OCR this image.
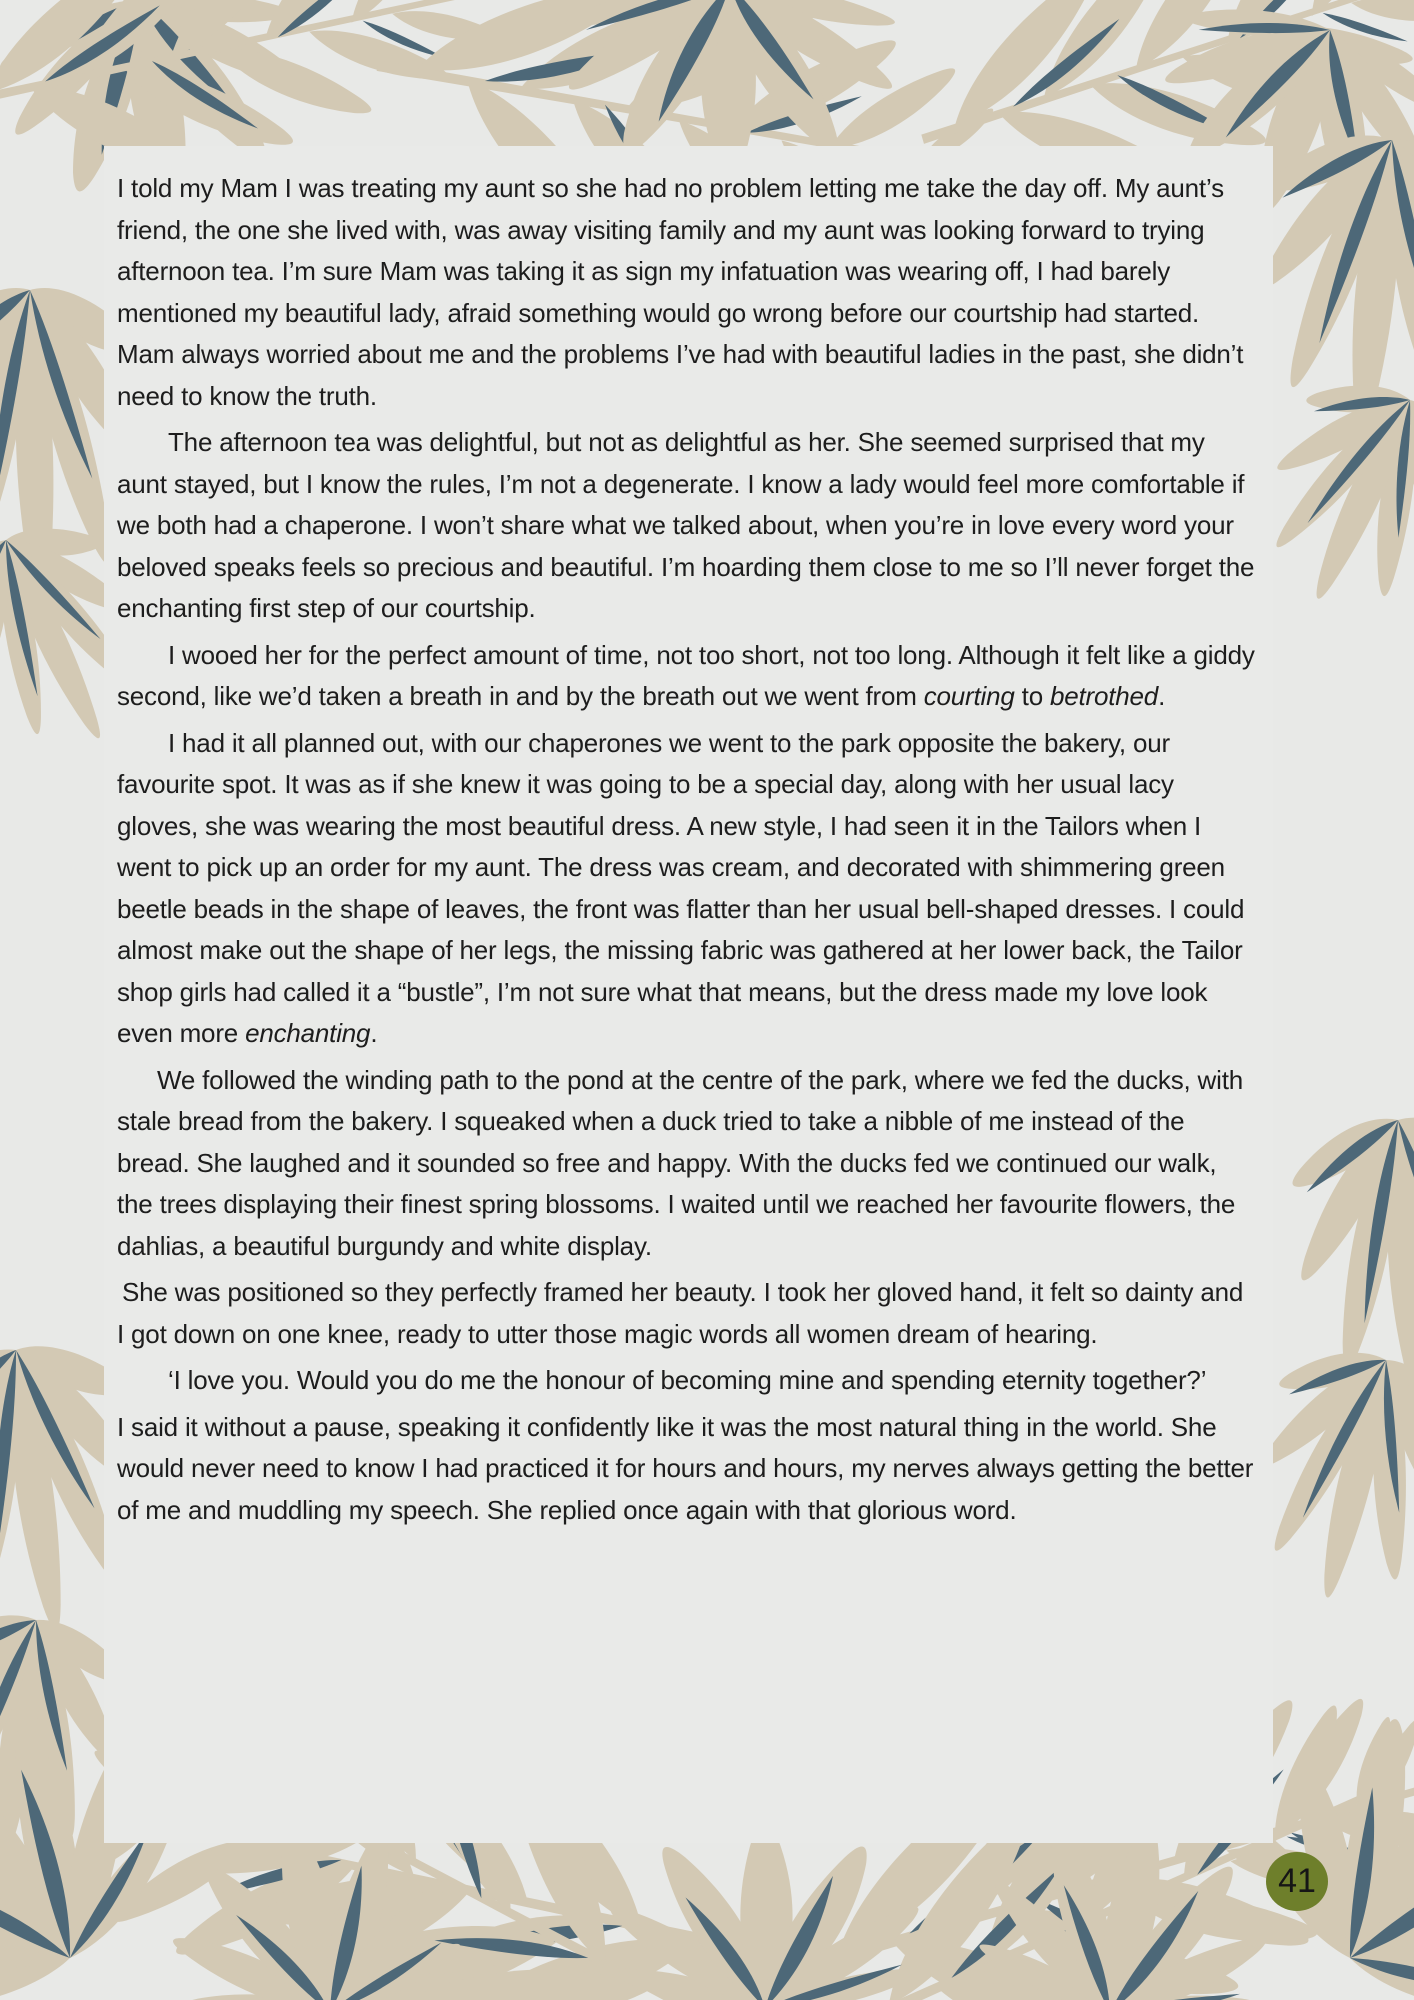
I told my Mam I was treating my aunt so she had no problem letting me take the day off. My aunt’s friend, the one she lived with, was away visiting family and my aunt was looking forward to trying afternoon tea. I’m sure Mam was taking it as sign my infatuation was wearing off, I had barely mentioned my beautiful lady, afraid something would go wrong before our courtship had started. Mam always worried about me and the problems I’ve had with beautiful ladies in the past, she didn’t need to know the truth.

The afternoon tea was delightful, but not as delightful as her. She seemed surprised that my aunt stayed, but I know the rules, I’m not a degenerate. I know a lady would feel more comfortable if we both had a chaperone. I won’t share what we talked about, when you’re in love every word your beloved speaks feels so precious and beautiful. I’m hoarding them close to me so I’ll never forget the enchanting first step of our courtship.

I wooed her for the perfect amount of time, not too short, not too long. Although it felt like a giddy second, like we’d taken a breath in and by the breath out we went from courting to betrothed.

I had it all planned out, with our chaperones we went to the park opposite the bakery, our favourite spot. It was as if she knew it was going to be a special day, along with her usual lacy gloves, she was wearing the most beautiful dress. A new style, I had seen it in the Tailors when I went to pick up an order for my aunt. The dress was cream, and decorated with shimmering green beetle beads in the shape of leaves, the front was flatter than her usual bell-shaped dresses. I could almost make out the shape of her legs, the missing fabric was gathered at her lower back, the Tailor shop girls had called it a “bustle”, I’m not sure what that means, but the dress made my love look even more enchanting.

We followed the winding path to the pond at the centre of the park, where we fed the ducks, with stale bread from the bakery. I squeaked when a duck tried to take a nibble of me instead of the bread. She laughed and it sounded so free and happy. With the ducks fed we continued our walk, the trees displaying their finest spring blossoms. I waited until we reached her favourite flowers, the dahlias, a beautiful burgundy and white display.

She was positioned so they perfectly framed her beauty. I took her gloved hand, it felt so dainty and I got down on one knee, ready to utter those magic words all women dream of hearing.

‘I love you. Would you do me the honour of becoming mine and spending eternity together?’

I said it without a pause, speaking it confidently like it was the most natural thing in the world. She would never need to know I had practiced it for hours and hours, my nerves always getting the better of me and muddling my speech. She replied once again with that glorious word.

41
